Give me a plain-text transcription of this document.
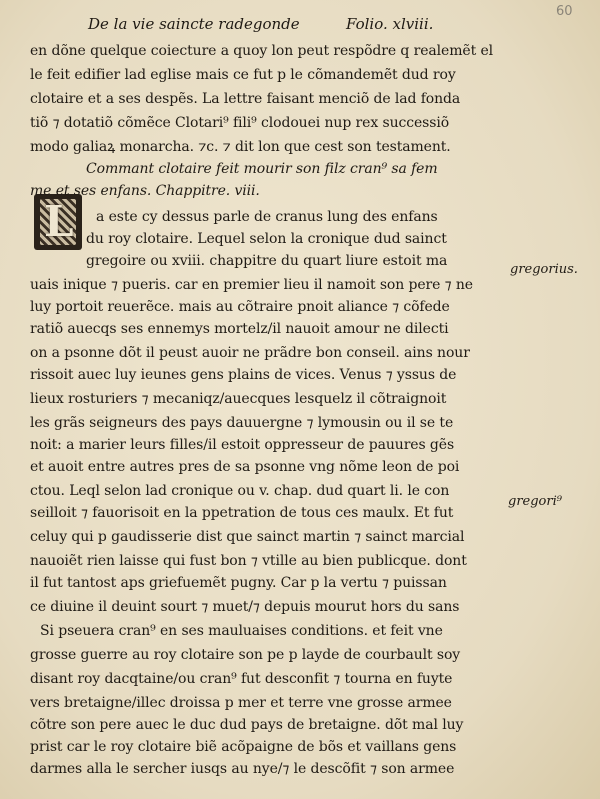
60
De la vie saincte radegonde	Folio. xlviii.
L
en dõne quelque coiecture a quoy lon peut respõdre q realemẽt el
le feit edifier lad eglise mais ce fut p le cõmandemẽt dud roy
clotaire et a ses despẽs. La lettre faisant menciõ de lad fonda
tiõ ⁊ dotatiõ cõmẽce Clotari⁹ fili⁹ clodouei nup rex successiõ
modo galiaꝝ monarcha. ⁊c. ⁊ dit lon que cest son testament.
Commant clotaire feit mourir son filz cran⁹ sa fem
me et ses enfans. Chappitre. viii.
a este cy dessus parle de cranus lung des enfans
du roy clotaire. Lequel selon la cronique dud sainct
gregoire ou xviii. chappitre du quart liure estoit ma
uais inique ⁊ pueris. car en premier lieu il namoit son pere ⁊ ne
luy portoit reuerẽce. mais au cõtraire pnoit aliance ⁊ cõfede
ratiõ auecqs ses ennemys mortelz/il nauoit amour ne dilecti
on a psonne dõt il peust auoir ne prãdre bon conseil. ains nour
rissoit auec luy ieunes gens plains de vices. Venus ⁊ yssus de
lieux rosturiers ⁊ mecaniqz/auecques lesquelz il cõtraignoit
les grãs seigneurs des pays dauuergne ⁊ lymousin ou il se te
noit: a marier leurs filles/il estoit oppresseur de pauures gẽs
et auoit entre autres pres de sa psonne vng nõme leon de poi
ctou. Leql selon lad cronique ou v. chap. dud quart li. le con
seilloit ⁊ fauorisoit en la ppetration de tous ces maulx. Et fut
celuy qui p gaudisserie dist que sainct martin ⁊ sainct marcial
nauoiẽt rien laisse qui fust bon ⁊ vtille au bien publicque. dont
il fut tantost aps griefuemẽt pugny. Car p la vertu ⁊ puissan
ce diuine il deuint sourt ⁊ muet/⁊ depuis mourut hors du sans
Si pseuera cran⁹ en ses mauluaises conditions. et feit vne
grosse guerre au roy clotaire son pe p layde de courbault soy
disant roy dacqtaine/ou cran⁹ fut desconfit ⁊ tourna en fuyte
vers bretaigne/illec droissa p mer et terre vne grosse armee
cõtre son pere auec le duc dud pays de bretaigne. dõt mal luy
prist car le roy clotaire biẽ acõpaigne de bõs et vaillans gens
darmes alla le sercher iusqs au nye/⁊ le descõfit ⁊ son armee
gregorius.
gregori⁹
